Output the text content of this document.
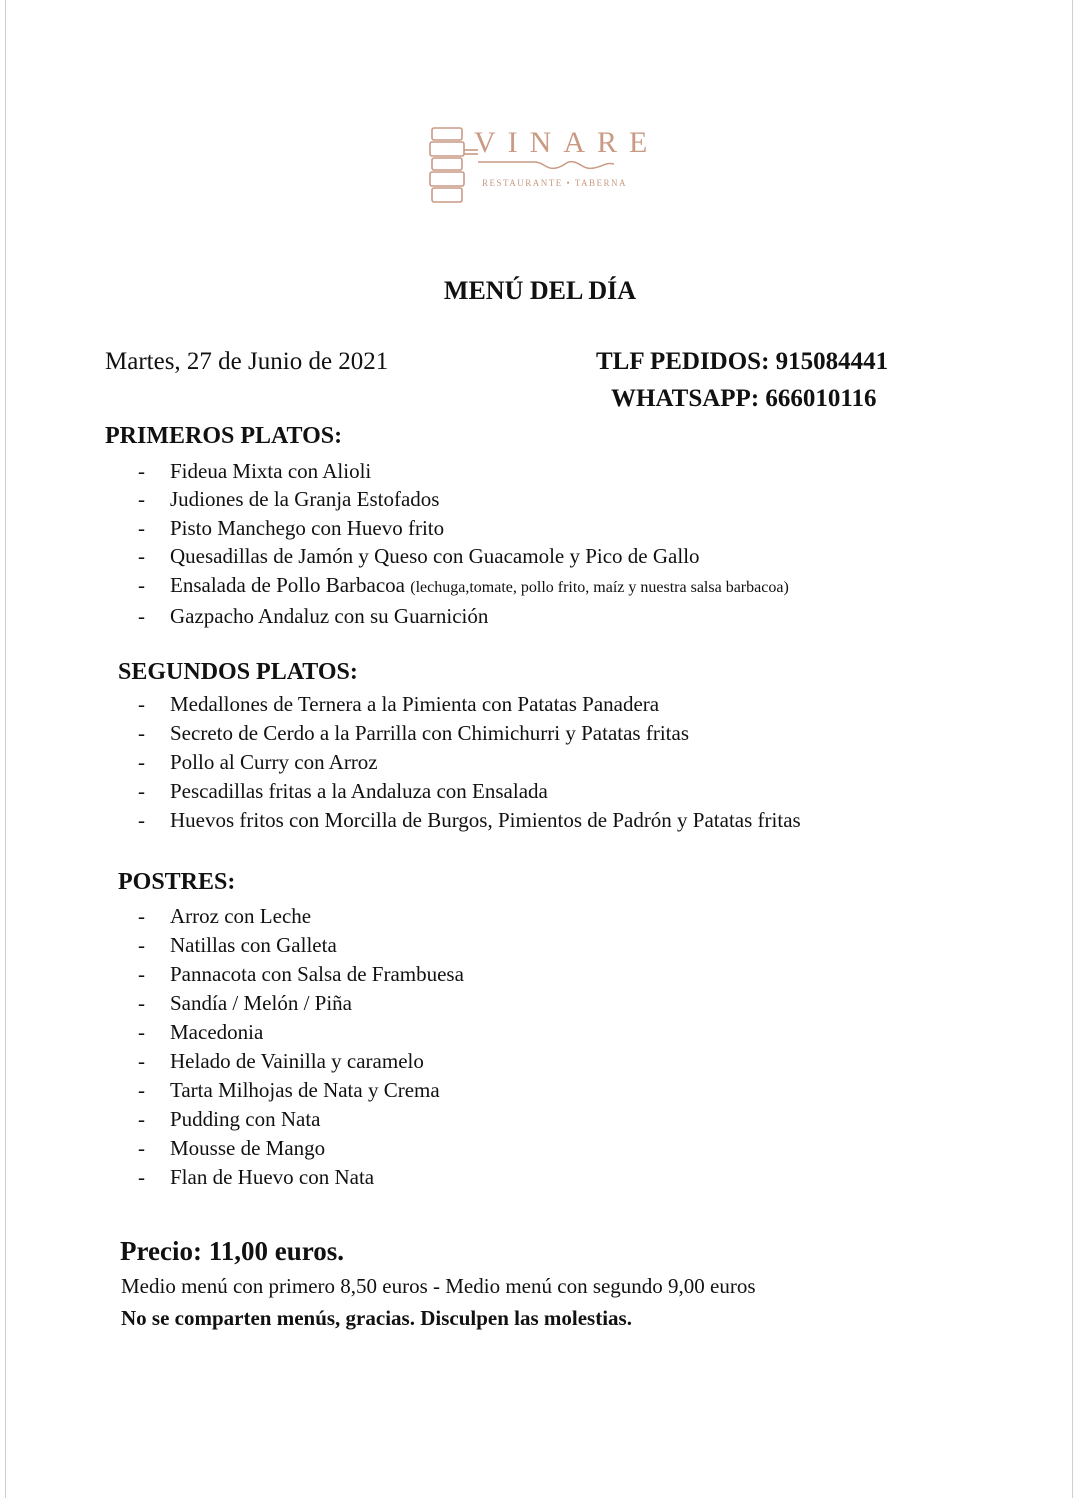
VINARE
RESTAURANTE • TABERNA
MENÚ DEL DÍA
Martes, 27 de Junio de 2021	TLF PEDIDOS: 915084441
WHATSAPP: 666010116
PRIMEROS PLATOS:
- Fideua Mixta con Alioli
- Judiones de la Granja Estofados
- Pisto Manchego con Huevo frito
- Quesadillas de Jamón y Queso con Guacamole y Pico de Gallo
- Ensalada de Pollo Barbacoa (lechuga,tomate, pollo frito, maíz y nuestra salsa barbacoa)
- Gazpacho Andaluz con su Guarnición
SEGUNDOS PLATOS:
- Medallones de Ternera a la Pimienta con Patatas Panadera
- Secreto de Cerdo a la Parrilla con Chimichurri y Patatas fritas
- Pollo al Curry con Arroz
- Pescadillas fritas a la Andaluza con Ensalada
- Huevos fritos con Morcilla de Burgos, Pimientos de Padrón y Patatas fritas
POSTRES:
- Arroz con Leche
- Natillas con Galleta
- Pannacota con Salsa de Frambuesa
- Sandía / Melón / Piña
- Macedonia
- Helado de Vainilla y caramelo
- Tarta Milhojas de Nata y Crema
- Pudding con Nata
- Mousse de Mango
- Flan de Huevo con Nata
Precio: 11,00 euros.
Medio menú con primero 8,50 euros - Medio menú con segundo 9,00 euros
No se comparten menús, gracias. Disculpen las molestias.
